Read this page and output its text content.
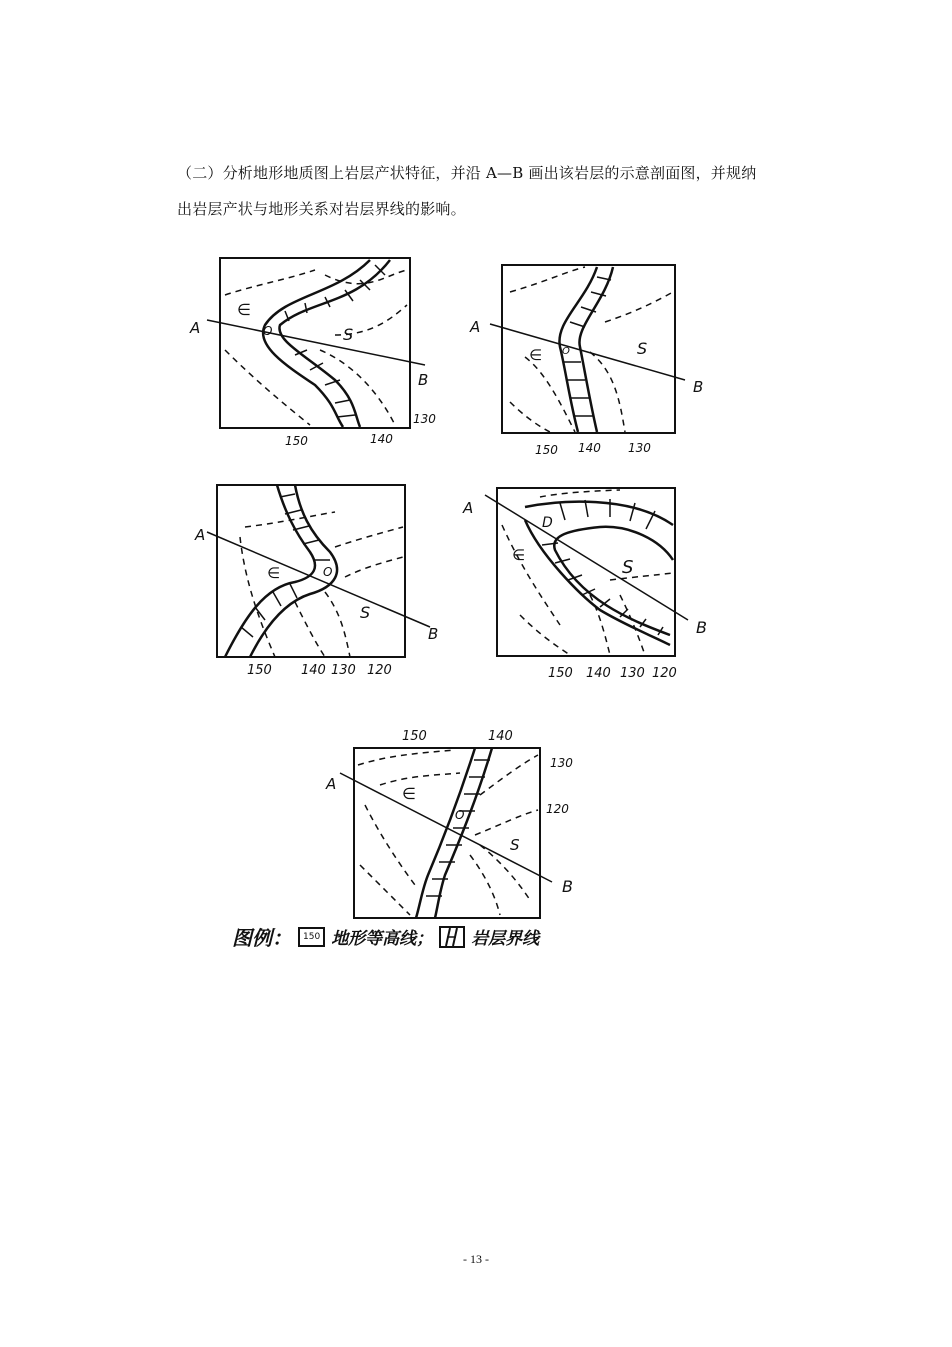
（二）分析地形地质图上岩层产状特征，并沿 A—B 画出该岩层的示意剖面图，并规纳
出岩层产状与地形关系对岩层界线的影响。
A
B
∈
O	S
150	140
130
A
B
∈ O	S
150 140 130
A
B
∈	O
S
150 140 130 120
A
B
∈
D
S
150 140 130 120
A
B
∈
O
S
150	140
130
120
图例：	150 地形等高线； 岩层界线
- 13 -
